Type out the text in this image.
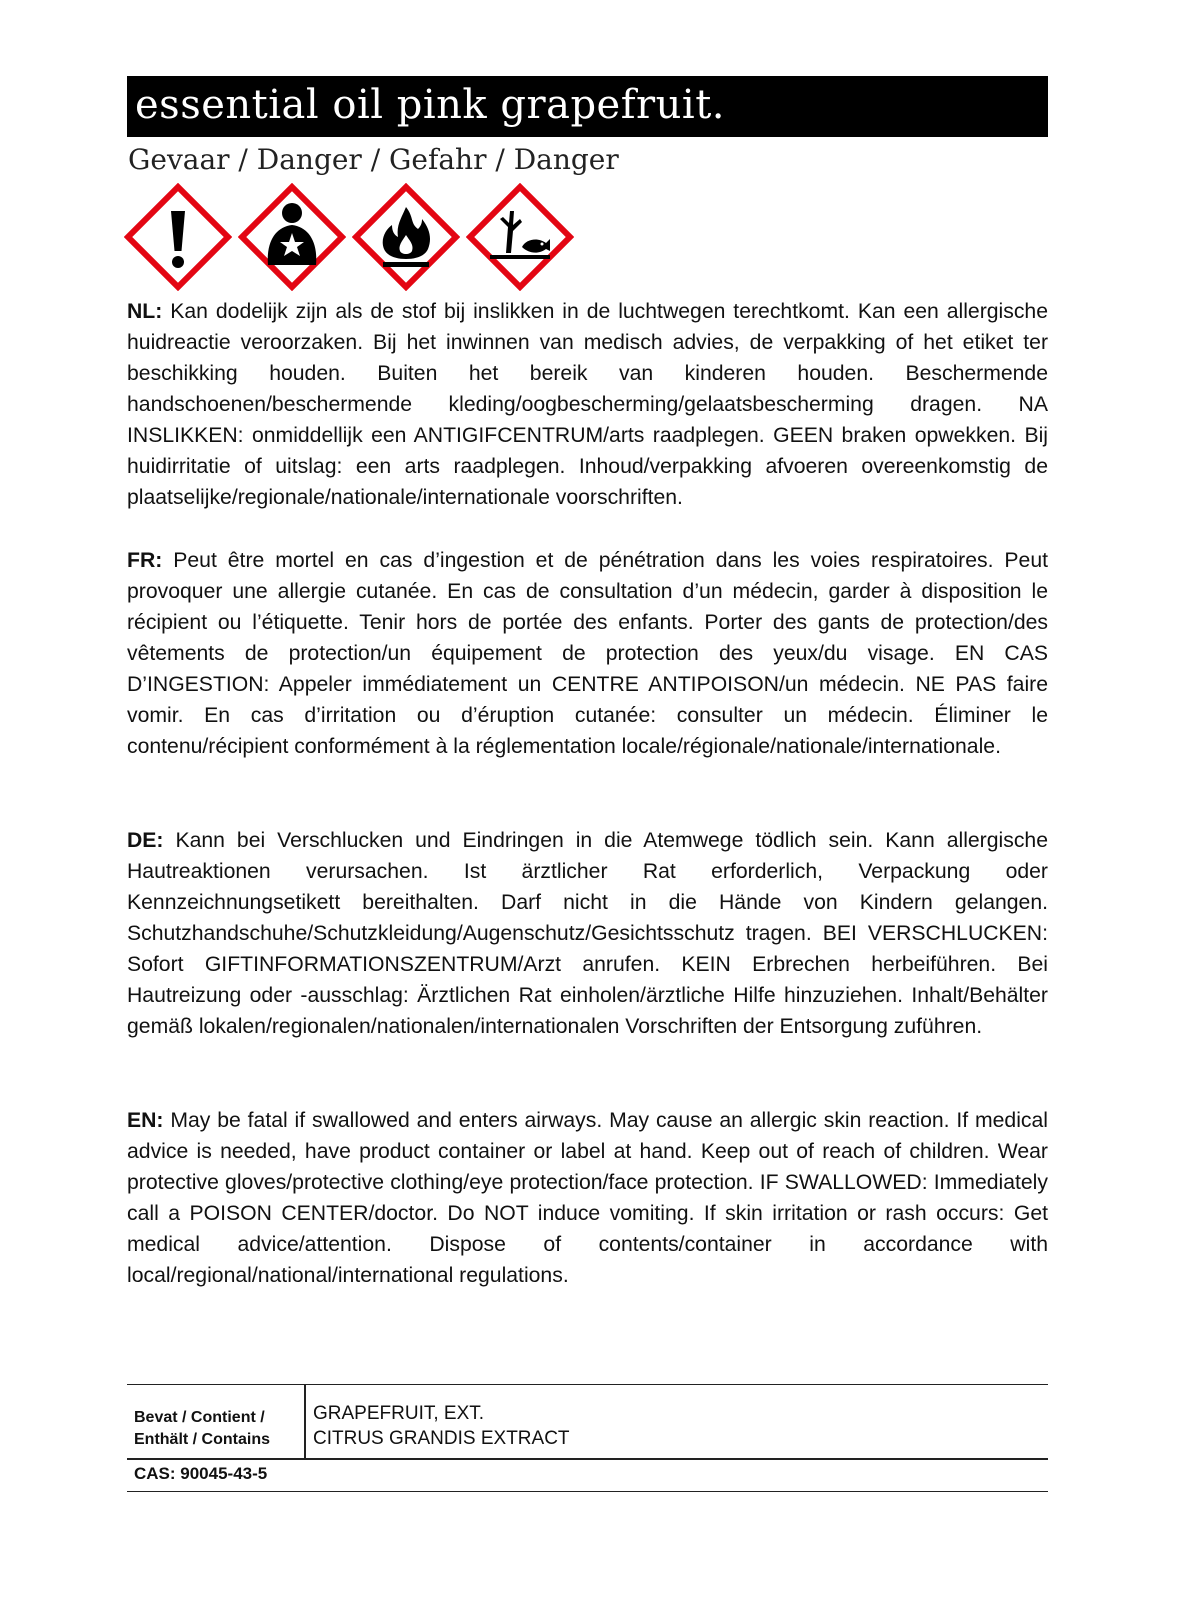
essential oil pink grapefruit.
Gevaar / Danger / Gefahr / Danger
NL: Kan dodelijk zijn als de stof bij inslikken in de luchtwegen terechtkomt. Kan een allergische huidreactie veroorzaken. Bij het inwinnen van medisch advies, de verpakking of het etiket ter beschikking houden. Buiten het bereik van kinderen houden. Beschermende handschoenen/beschermende kleding/oogbescherming/gelaatsbescherming dragen. NA INSLIKKEN: onmiddellijk een ANTIGIFCENTRUM/arts raadplegen. GEEN braken opwekken. Bij huidirritatie of uitslag: een arts raadplegen. Inhoud/verpakking afvoeren overeenkomstig de plaatselijke/regionale/nationale/internationale voorschriften.
FR: Peut être mortel en cas d’ingestion et de pénétration dans les voies respiratoires. Peut provoquer une allergie cutanée. En cas de consultation d’un médecin, garder à disposition le récipient ou l’étiquette. Tenir hors de portée des enfants. Porter des gants de protection/des vêtements de protection/un équipement de protection des yeux/du visage. EN CAS D’INGESTION: Appeler immédiatement un CENTRE ANTIPOISON/un médecin. NE PAS faire vomir. En cas d’irritation ou d’éruption cutanée: consulter un médecin. Éliminer le contenu/récipient conformément à la réglementation locale/régionale/nationale/internationale.
DE: Kann bei Verschlucken und Eindringen in die Atemwege tödlich sein. Kann allergische Hautreaktionen verursachen. Ist ärztlicher Rat erforderlich, Verpackung oder Kennzeichnungsetikett bereithalten. Darf nicht in die Hände von Kindern gelangen. Schutzhandschuhe/Schutzkleidung/Augenschutz/Gesichtsschutz tragen. BEI VERSCHLUCKEN: Sofort GIFTINFORMATIONSZENTRUM/Arzt anrufen. KEIN Erbrechen herbeiführen. Bei Hautreizung oder -ausschlag: Ärztlichen Rat einholen/ärztliche Hilfe hinzuziehen. Inhalt/Behälter gemäß lokalen/regionalen/nationalen/internationalen Vorschriften der Entsorgung zuführen.
EN: May be fatal if swallowed and enters airways. May cause an allergic skin reaction. If medical advice is needed, have product container or label at hand. Keep out of reach of children. Wear protective gloves/protective clothing/eye protection/face protection. IF SWALLOWED: Immediately call a POISON CENTER/doctor. Do NOT induce vomiting. If skin irritation or rash occurs: Get medical advice/attention. Dispose of contents/container in accordance with local/regional/national/international regulations.
Bevat / Contient /
Enthält / Contains
GRAPEFRUIT, EXT.
CITRUS GRANDIS EXTRACT
CAS: 90045-43-5
